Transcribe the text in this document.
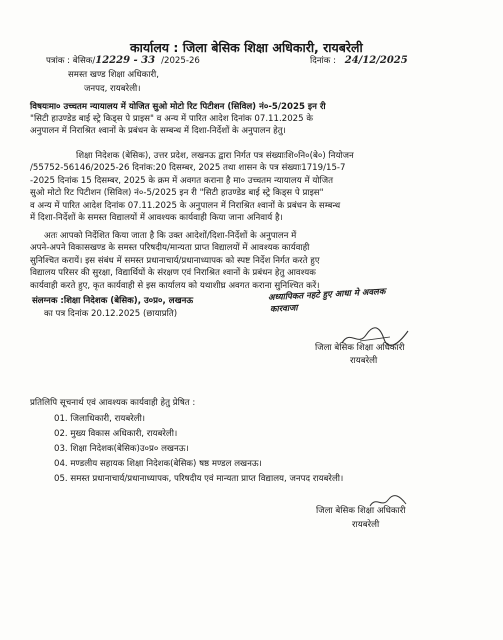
कार्यालय : जिला बेसिक शिक्षा अधिकारी, रायबरेली
पत्रांक : बेसिक/12229 - 33 /2025-26	दिनांक : 24/12/2025
समस्त खण्ड शिक्षा अधिकारी,
जनपद, रायबरेली।
विषयःमा० उच्चतम न्यायालय में योजित सुओ मोटो रिट पिटीशन (सिविल) नं०-5/2025 इन री
"सिटी हाउण्डेड बाई स्ट्रे किड्स पे प्राइस" व अन्य में पारित आदेश दिनांक 07.11.2025 के
अनुपालन में निराश्रित श्वानों के प्रबंधन के सम्बन्ध में दिशा-निर्देशों के अनुपालन हेतु।

शिक्षा निदेशक (बेसिक), उत्तर प्रदेश, लखनऊ द्वारा निर्गत पत्र संख्याःशि०नि०(बे०) नियोजन

/55752-56146/2025-26 दिनांक:20 दिसम्बर, 2025 तथा शासन के पत्र संख्याः1719/15-7

-2025 दिनांक 15 दिसम्बर, 2025 के क्रम में अवगत कराना है मा० उच्चतम न्यायालय में योजित

सुओ मोटो रिट पिटीशन (सिविल) नं०-5/2025 इन री "सिटी हाउण्डेड बाई स्ट्रे किड्स पे प्राइस"

व अन्य में पारित आदेश दिनांक 07.11.2025 के अनुपालन में निराश्रित श्वानों के प्रबंधन के सम्बन्ध

में दिशा-निर्देशों के समस्त विद्यालयों में आवश्यक कार्यवाही किया जाना अनिवार्य है।

अतः आपको निर्देशित किया जाता है कि उक्त आदेशों/दिशा-निर्देशों के अनुपालन में

अपने-अपने विकासखण्ड के समस्त परिषदीय/मान्यता प्राप्त विद्यालयों में आवश्यक कार्यवाही

सुनिश्चित करायें। इस संबंध में समस्त प्रधानाचार्य/प्रधानाध्यापक को स्पष्ट निर्देश निर्गत करते हुए

विद्यालय परिसर की सुरक्षा, विद्यार्थियों के संरक्षण एवं निराश्रित श्वानों के प्रबंधन हेतु आवश्यक

कार्यवाही करते हुए, कृत कार्यवाही से इस कार्यालय को यथाशीघ्र अवगत कराना सुनिश्चित करें।

संलग्नक :शिक्षा निदेशक (बेसिक), उ०प्र०, लखनऊ
का पत्र दिनांक 20.12.2025 (छायाप्रति)
अध्यापिकत नहटे हुए आधा मे अवलक
कारवाजा
जिला बेसिक शिक्षा अधिकारी
रायबरेली
प्रतिलिपि सूचनार्थ एवं आवश्यक कार्यवाही हेतु प्रेषित :
01. जिलाधिकारी, रायबरेली।
02. मुख्य विकास अधिकारी, रायबरेली।
03. शिक्षा निदेशक(बेसिक)उ०प्र० लखनऊ।
04. मण्डलीय सहायक शिक्षा निदेशक(बेसिक) षष्ठ मण्डल लखनऊ।
05. समस्त प्रधानाचार्य/प्रधानाध्यापक, परिषदीय एवं मान्यता प्राप्त विद्यालय, जनपद रायबरेली।
जिला बेसिक शिक्षा अधिकारी
रायबरेली
